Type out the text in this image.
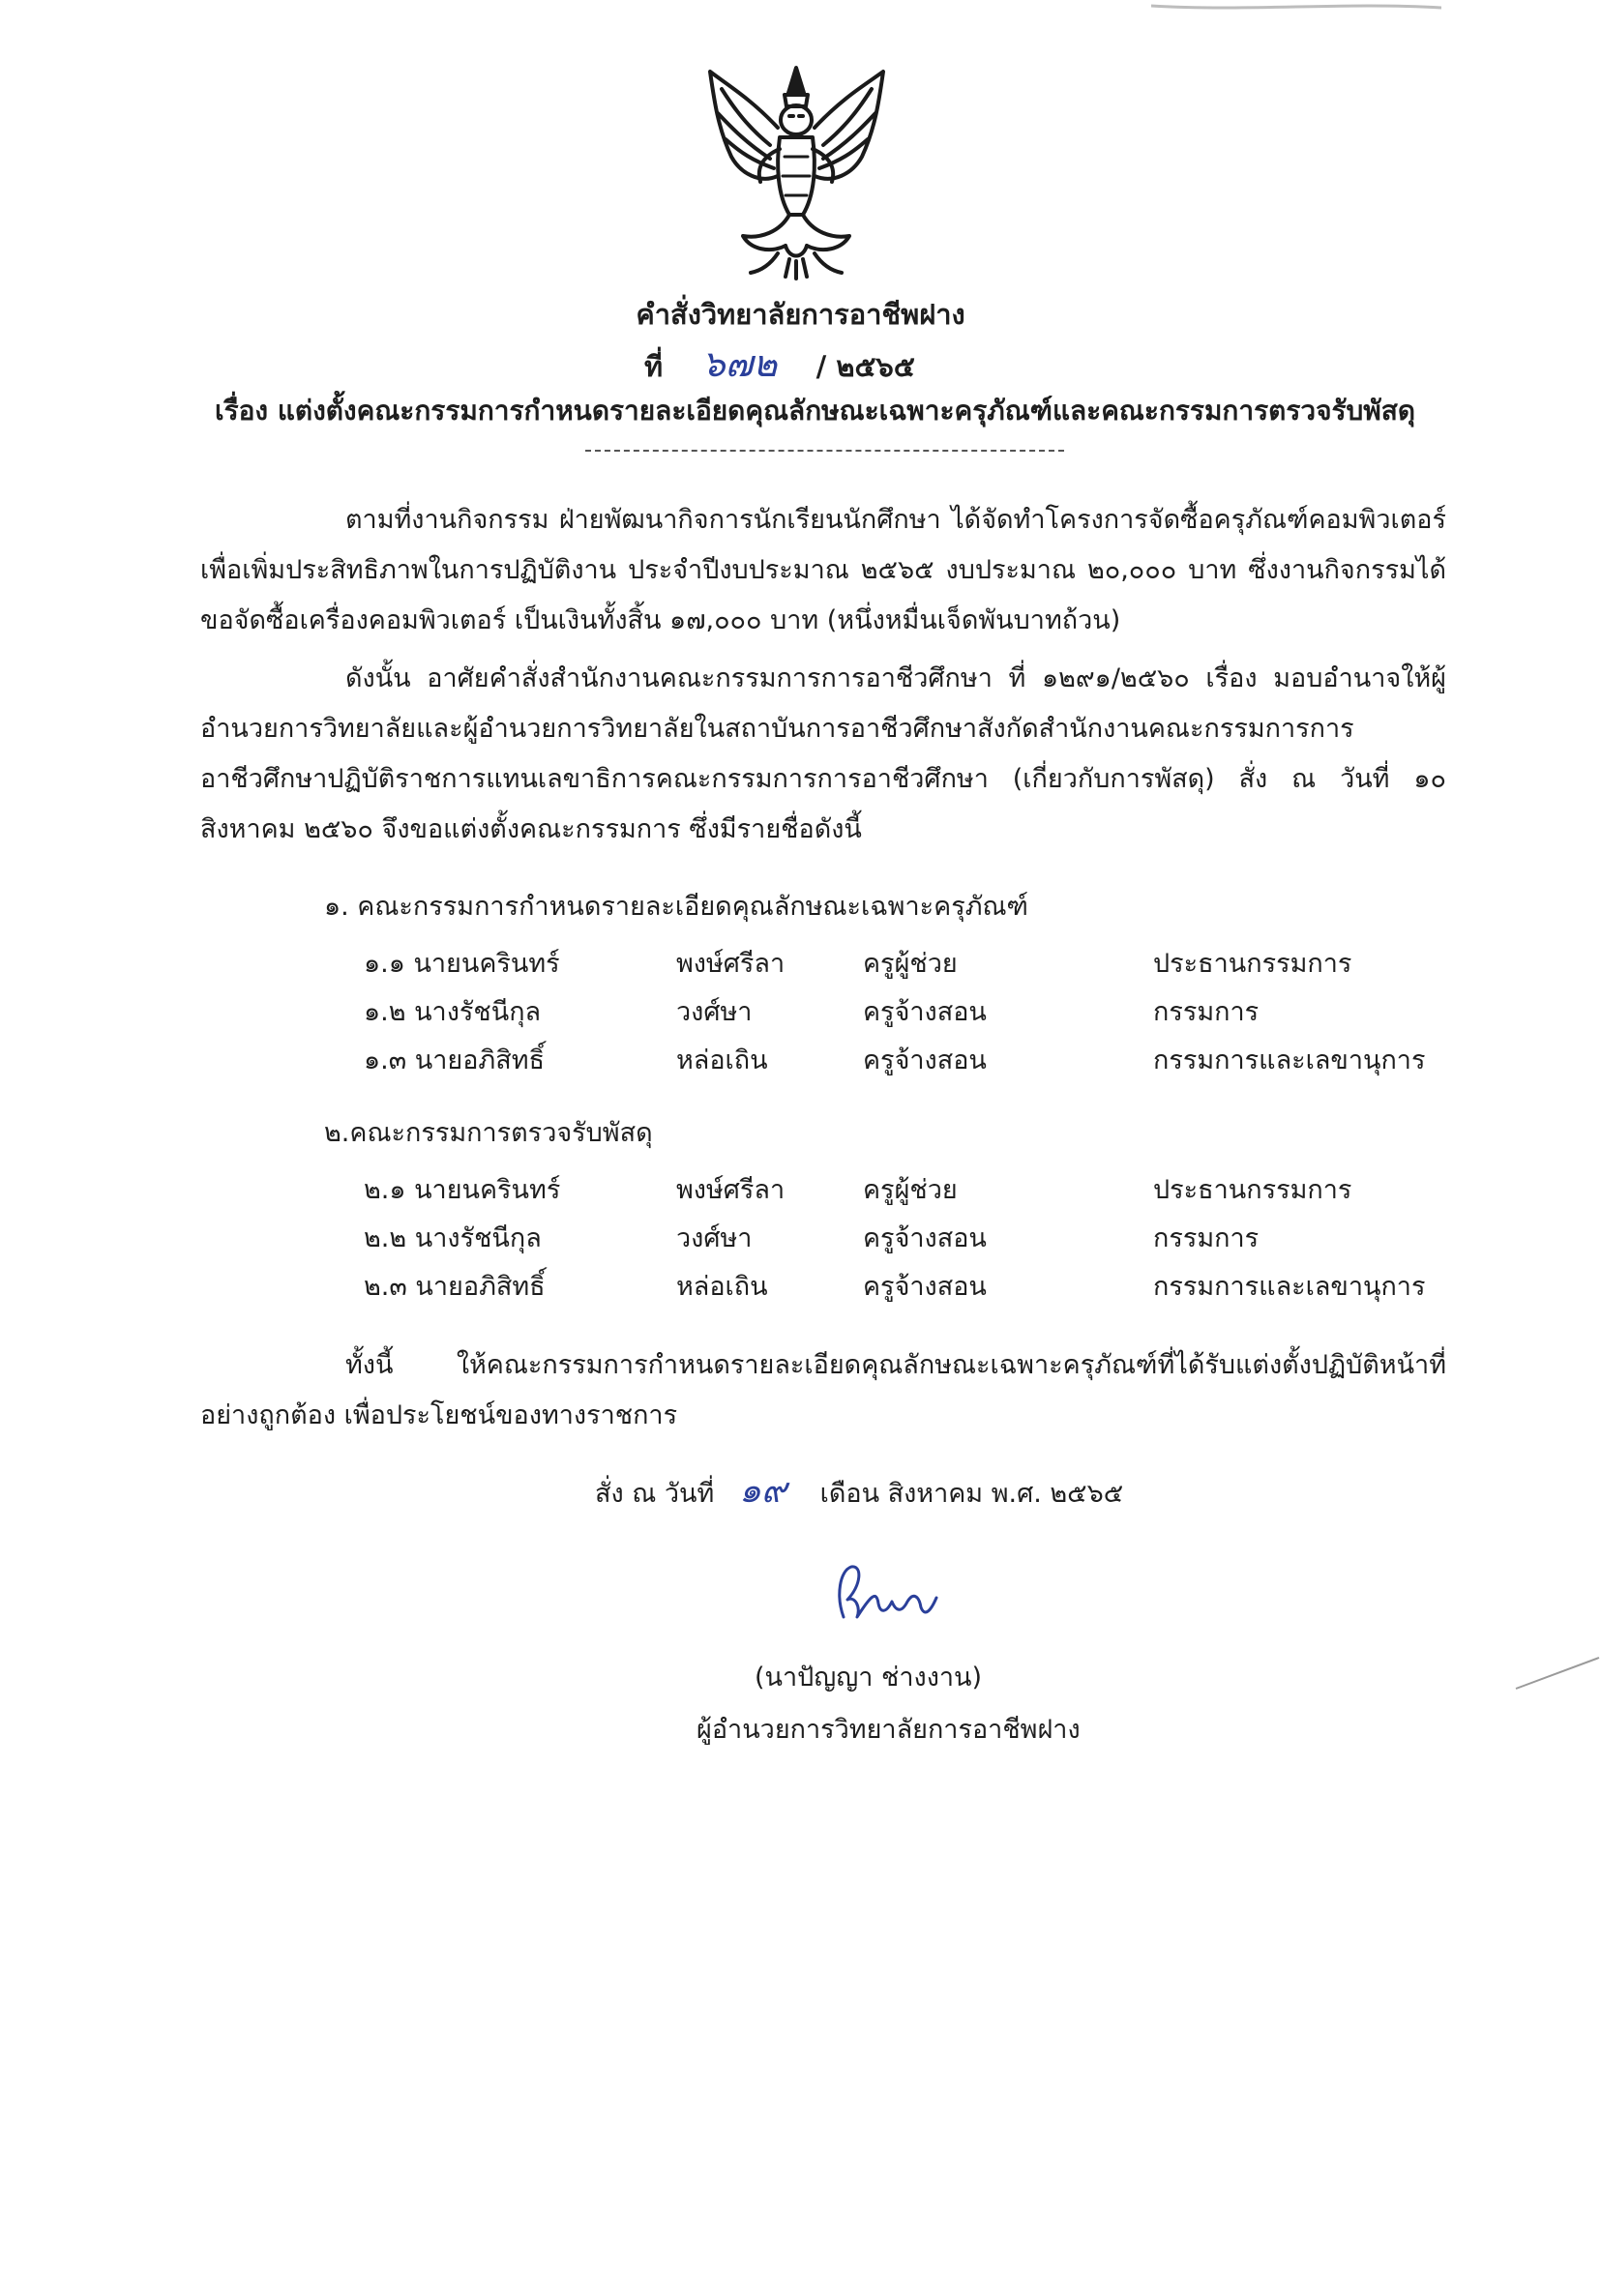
คำสั่งวิทยาลัยการอาชีพฝาง
ที่ ๖๗๒ / ๒๕๖๕
เรื่อง แต่งตั้งคณะกรรมการกำหนดรายละเอียดคุณลักษณะเฉพาะครุภัณฑ์และคณะกรรมการตรวจรับพัสดุ
ตามที่งานกิจกรรม ฝ่ายพัฒนากิจการนักเรียนนักศึกษา ได้จัดทำโครงการจัดซื้อครุภัณฑ์คอมพิวเตอร์ เพื่อเพิ่มประสิทธิภาพในการปฏิบัติงาน ประจำปีงบประมาณ ๒๕๖๕ งบประมาณ ๒๐,๐๐๐ บาท ซึ่งงานกิจกรรมได้ขอจัดซื้อเครื่องคอมพิวเตอร์ เป็นเงินทั้งสิ้น ๑๗,๐๐๐ บาท (หนึ่งหมื่นเจ็ดพันบาทถ้วน)
ดังนั้น อาศัยคำสั่งสำนักงานคณะกรรมการการอาชีวศึกษา ที่ ๑๒๙๑/๒๕๖๐ เรื่อง มอบอำนาจให้ผู้อำนวยการวิทยาลัยและผู้อำนวยการวิทยาลัยในสถาบันการอาชีวศึกษาสังกัดสำนักงานคณะกรรมการการอาชีวศึกษาปฏิบัติราชการแทนเลขาธิการคณะกรรมการการอาชีวศึกษา (เกี่ยวกับการพัสดุ) สั่ง ณ วันที่ ๑๐ สิงหาคม ๒๕๖๐ จึงขอแต่งตั้งคณะกรรมการ ซึ่งมีรายชื่อดังนี้
๑. คณะกรรมการกำหนดรายละเอียดคุณลักษณะเฉพาะครุภัณฑ์
๑.๑ นายนครินทร์	พงษ์ศรีลา	ครูผู้ช่วย	ประธานกรรมการ
๑.๒ นางรัชนีกุล	วงศ์ษา	ครูจ้างสอน	กรรมการ
๑.๓ นายอภิสิทธิ์	หล่อเถิน	ครูจ้างสอน	กรรมการและเลขานุการ
๒.คณะกรรมการตรวจรับพัสดุ
๒.๑ นายนครินทร์	พงษ์ศรีลา	ครูผู้ช่วย	ประธานกรรมการ
๒.๒ นางรัชนีกุล	วงศ์ษา	ครูจ้างสอน	กรรมการ
๒.๓ นายอภิสิทธิ์	หล่อเถิน	ครูจ้างสอน	กรรมการและเลขานุการ
ทั้งนี้ ให้คณะกรรมการกำหนดรายละเอียดคุณลักษณะเฉพาะครุภัณฑ์ที่ได้รับแต่งตั้งปฏิบัติหน้าที่อย่างถูกต้อง เพื่อประโยชน์ของทางราชการ
สั่ง ณ วันที่ ๑๙ เดือน สิงหาคม พ.ศ. ๒๕๖๕
(นาปัญญา ช่างงาน)
ผู้อำนวยการวิทยาลัยการอาชีพฝาง
